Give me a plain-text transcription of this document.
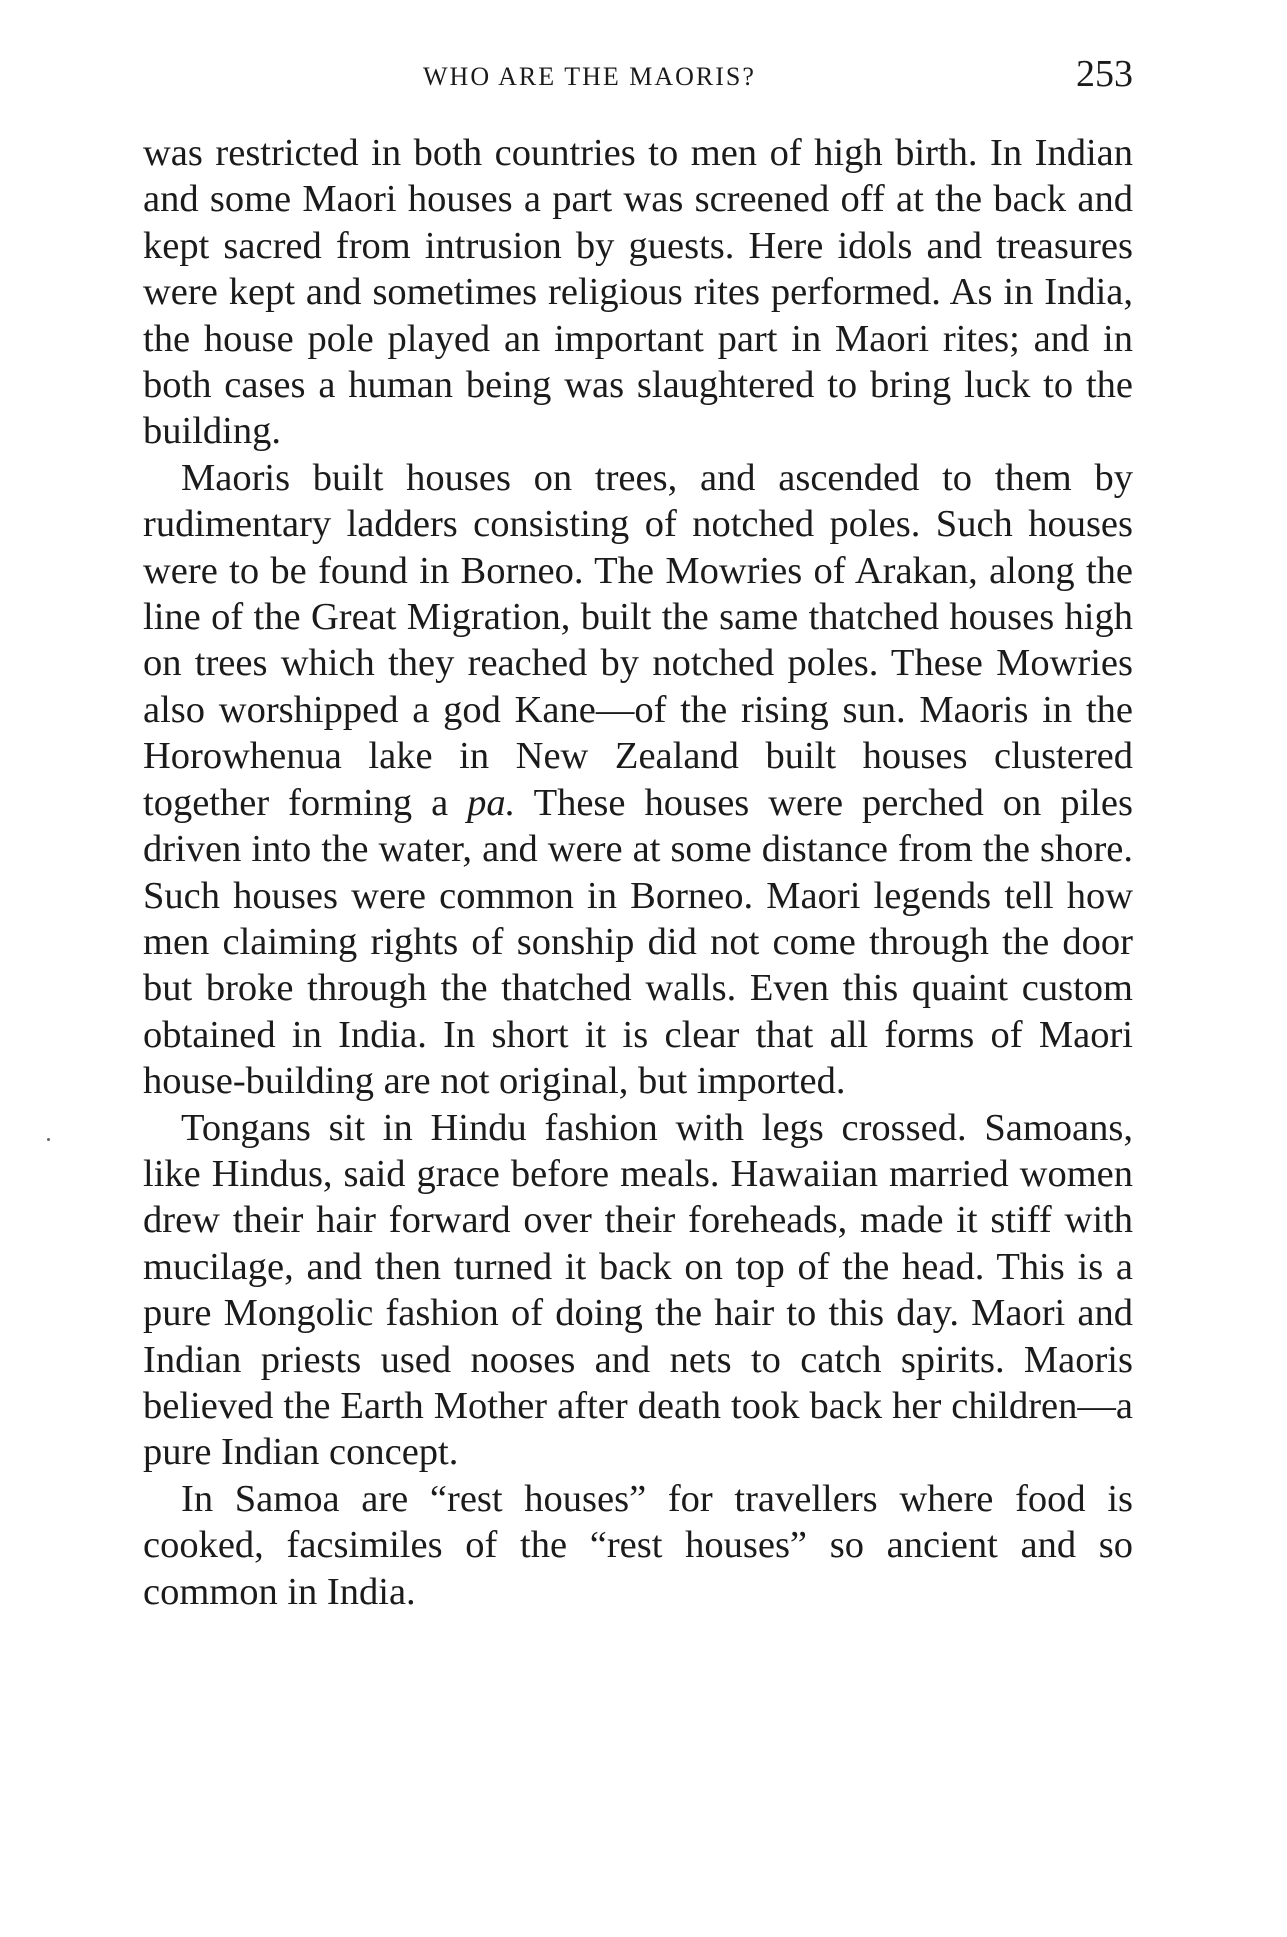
WHO ARE THE MAORIS?	253

was restricted in both countries to men of high birth. In Indian and some Maori houses a part was screened off at the back and kept sacred from intrusion by guests. Here idols and treasures were kept and sometimes religious rites performed. As in India, the house pole played an important part in Maori rites; and in both cases a human being was slaughtered to bring luck to the building.

Maoris built houses on trees, and ascended to them by rudimentary ladders consisting of notched poles. Such houses were to be found in Borneo. The Mowries of Arakan, along the line of the Great Migration, built the same thatched houses high on trees which they reached by notched poles. These Mowries also worshipped a god Kane—of the rising sun. Maoris in the Horowhenua lake in New Zealand built houses clustered together forming a pa. These houses were perched on piles driven into the water, and were at some distance from the shore. Such houses were common in Borneo. Maori legends tell how men claiming rights of sonship did not come through the door but broke through the thatched walls. Even this quaint custom obtained in India. In short it is clear that all forms of Maori house-building are not original, but imported.

Tongans sit in Hindu fashion with legs crossed. Samoans, like Hindus, said grace before meals. Hawaiian married women drew their hair forward over their foreheads, made it stiff with mucilage, and then turned it back on top of the head. This is a pure Mongolic fashion of doing the hair to this day. Maori and Indian priests used nooses and nets to catch spirits. Maoris believed the Earth Mother after death took back her children—a pure Indian concept.

In Samoa are “rest houses” for travellers where food is cooked, facsimiles of the “rest houses” so ancient and so common in India.
